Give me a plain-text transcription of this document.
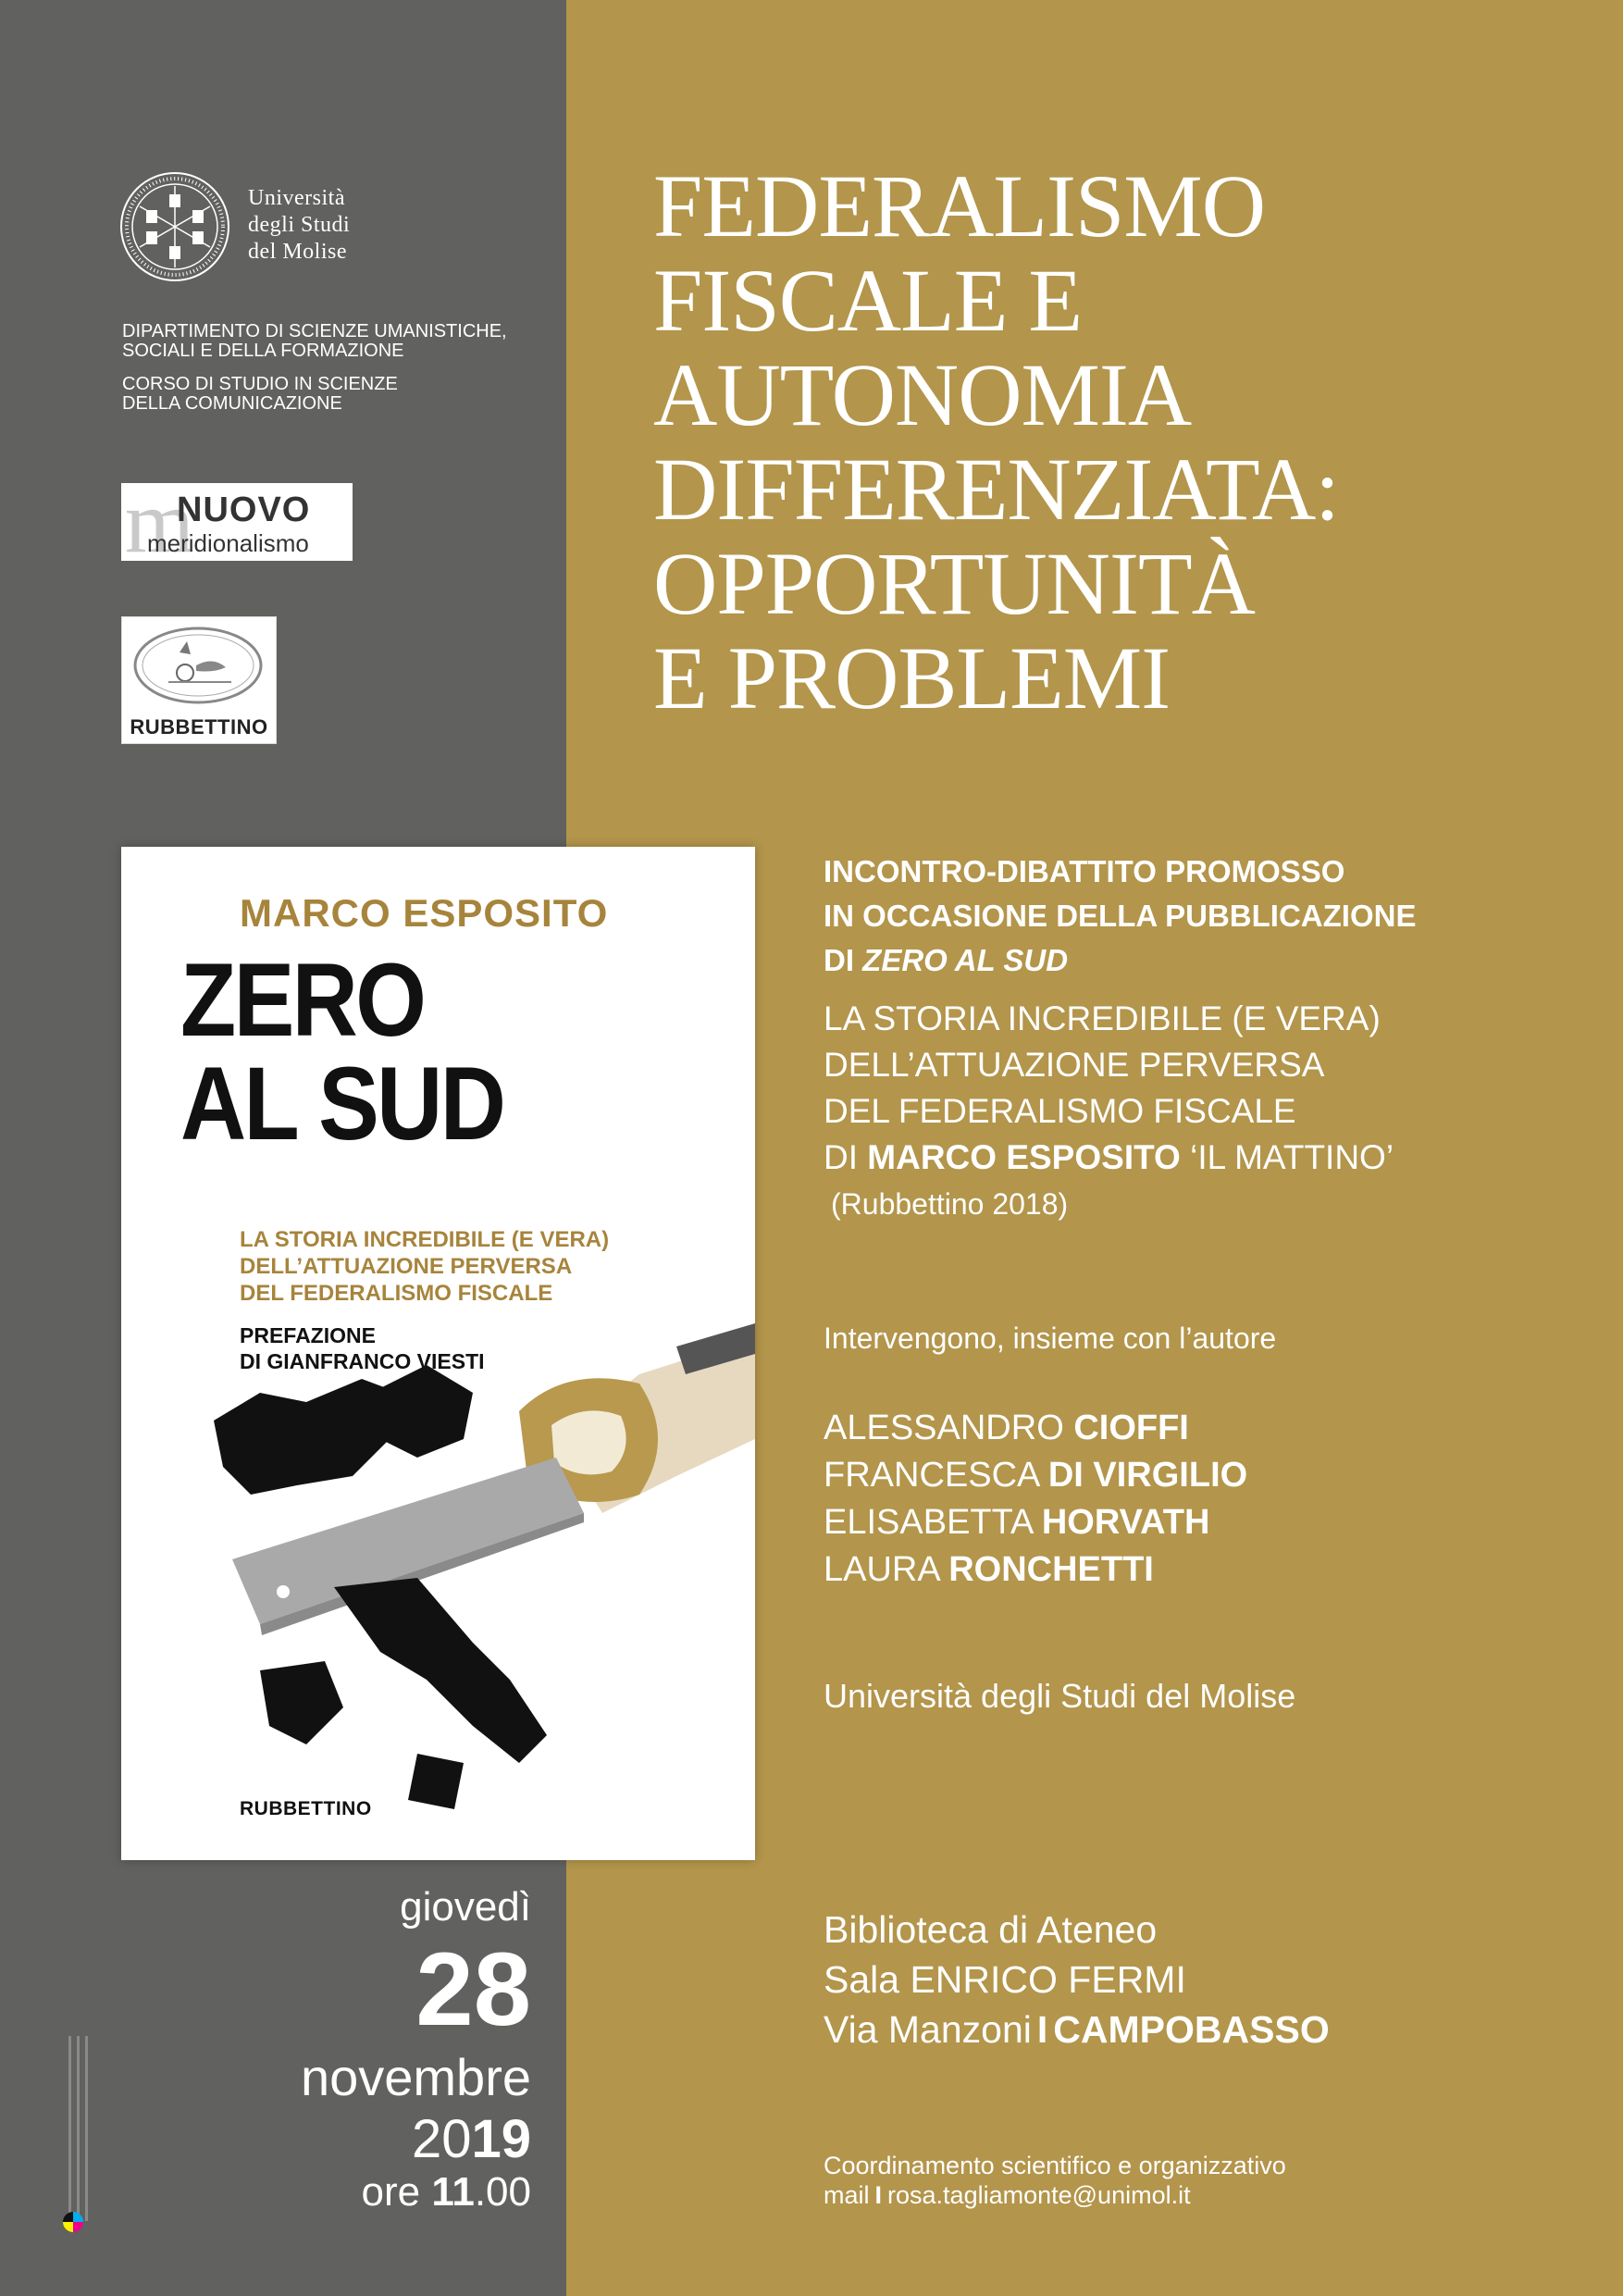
Università
degli Studi
del Molise
DIPARTIMENTO DI SCIENZE UMANISTICHE,
SOCIALI E DELLA FORMAZIONE
CORSO DI STUDIO IN SCIENZE
DELLA COMUNICAZIONE
m
NUOVO
meridionalismo
RUBBETTINO
FEDERALISMO
FISCALE E
AUTONOMIA
DIFFERENZIATA:
OPPORTUNITÀ
E PROBLEMI
MARCO ESPOSITO
ZERO
AL SUD
LA STORIA INCREDIBILE (E VERA)
DELL’ATTUAZIONE PERVERSA
DEL FEDERALISMO FISCALE
PREFAZIONE
DI GIANFRANCO VIESTI
RUBBETTINO
giovedì
28
novembre
2019
ore 11.00
INCONTRO-DIBATTITO PROMOSSO
IN OCCASIONE DELLA PUBBLICAZIONE
DI ZERO AL SUD
LA STORIA INCREDIBILE (E VERA)
DELL’ATTUAZIONE PERVERSA
DEL FEDERALISMO FISCALE
DI MARCO ESPOSITO ‘IL MATTINO’
(Rubbettino 2018)
Intervengono, insieme con l’autore
ALESSANDRO CIOFFI
FRANCESCA DI VIRGILIO
ELISABETTA HORVATH
LAURA RONCHETTI
Università degli Studi del Molise
Biblioteca di Ateneo
Sala ENRICO FERMI
Via Manzoni I CAMPOBASSO
Coordinamento scientifico e organizzativo
mail I rosa.tagliamonte@unimol.it
